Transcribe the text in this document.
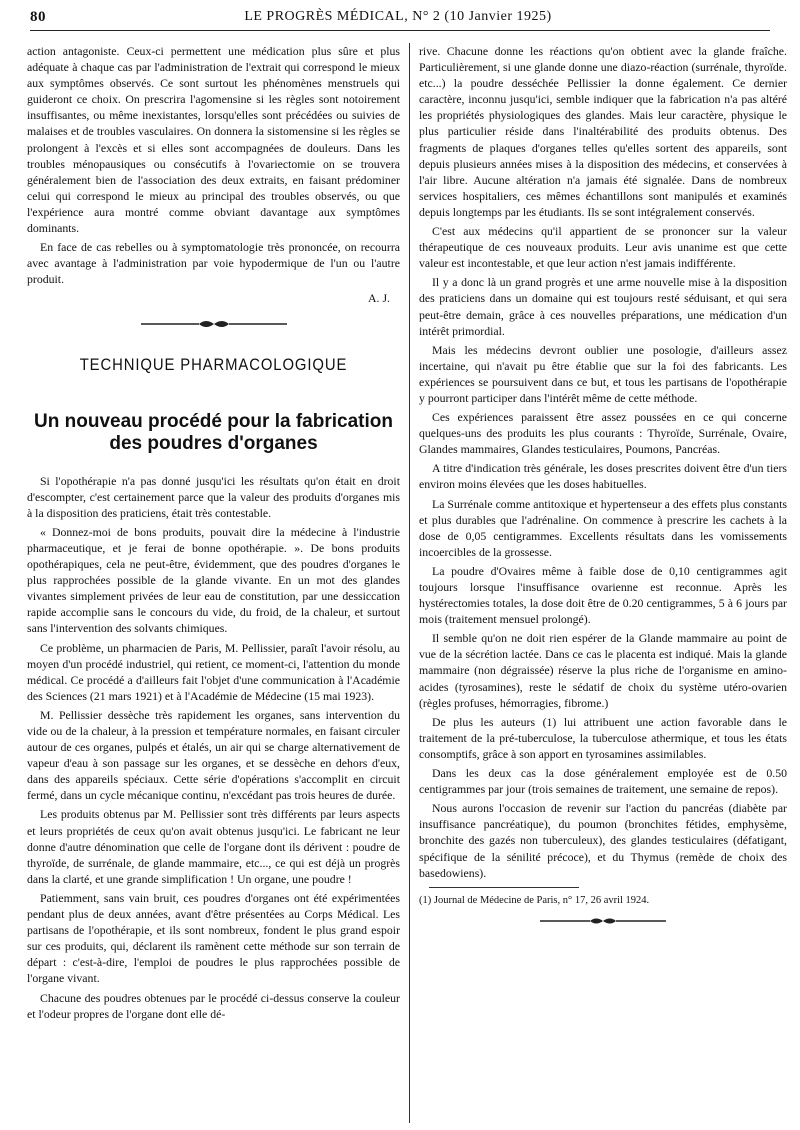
80	LE PROGRÈS MÉDICAL, N° 2 (10 Janvier 1925)

action antagoniste. Ceux-ci permettent une médication plus sûre et plus adéquate à chaque cas par l'administration de l'extrait qui correspond le mieux aux symptômes observés. Ce sont surtout les phénomènes menstruels qui guideront ce choix. On prescrira l'agomensine si les règles sont notoirement insuffisantes, ou même inexistantes, lorsqu'elles sont précédées ou suivies de malaises et de troubles vasculaires. On donnera la sistomensine si les règles se prolongent à l'excès et si elles sont accompagnées de douleurs. Dans les troubles ménopausiques ou consécutifs à l'ovariectomie on se trouvera généralement bien de l'association des deux extraits, en faisant prédominer celui qui correspond le mieux au principal des troubles observés, ou que l'expérience aura montré comme obviant davantage aux symptômes dominants.

En face de cas rebelles ou à symptomatologie très prononcée, on recourra avec avantage à l'administration par voie hypodermique de l'un ou l'autre produit.

A. J.
TECHNIQUE PHARMACOLOGIQUE
Un nouveau procédé pour la fabrication des poudres d'organes

Si l'opothérapie n'a pas donné jusqu'ici les résultats qu'on était en droit d'escompter, c'est certainement parce que la valeur des produits d'organes mis à la disposition des praticiens, était très contestable.

« Donnez-moi de bons produits, pouvait dire la médecine à l'industrie pharmaceutique, et je ferai de bonne opothérapie. ». De bons produits opothérapiques, cela ne peut-être, évidemment, que des poudres d'organes le plus rapprochées possible de la glande vivante. En un mot des glandes vivantes simplement privées de leur eau de constitution, par une dessiccation rapide accomplie sans le concours du vide, du froid, de la chaleur, et surtout sans l'intervention des solvants chimiques.

Ce problème, un pharmacien de Paris, M. Pellissier, paraît l'avoir résolu, au moyen d'un procédé industriel, qui retient, ce moment-ci, l'attention du monde médical. Ce procédé a d'ailleurs fait l'objet d'une communication à l'Académie des Sciences (21 mars 1921) et à l'Académie de Médecine (15 mai 1923).

M. Pellissier dessèche très rapidement les organes, sans intervention du vide ou de la chaleur, à la pression et température normales, en faisant circuler autour de ces organes, pulpés et étalés, un air qui se charge alternativement de vapeur d'eau à son passage sur les organes, et se dessèche en dehors d'eux, dans des appareils spéciaux. Cette série d'opérations s'accomplit en circuit fermé, dans un cycle mécanique continu, n'excédant pas trois heures de durée.

Les produits obtenus par M. Pellissier sont très différents par leurs aspects et leurs propriétés de ceux qu'on avait obtenus jusqu'ici. Le fabricant ne leur donne d'autre dénomination que celle de l'organe dont ils dérivent : poudre de thyroïde, de surrénale, de glande mammaire, etc..., ce qui est déjà un progrès dans la clarté, et une grande simplification ! Un organe, une poudre !

Patiemment, sans vain bruit, ces poudres d'organes ont été expérimentées pendant plus de deux années, avant d'être présentées au Corps Médical. Les partisans de l'opothérapie, et ils sont nombreux, fondent le plus grand espoir sur ces produits, qui, déclarent ils ramènent cette méthode sur son terrain de départ : c'est-à-dire, l'emploi de poudres le plus rapprochées possible de l'organe vivant.

Chacune des poudres obtenues par le procédé ci-dessus conserve la couleur et l'odeur propres de l'organe dont elle dé-

rive. Chacune donne les réactions qu'on obtient avec la glande fraîche. Particulièrement, si une glande donne une diazo-réaction (surrénale, thyroïde. etc...) la poudre desséchée Pellissier la donne également. Ce dernier caractère, inconnu jusqu'ici, semble indiquer que la fabrication n'a pas altéré les propriétés physiologiques des glandes. Mais leur caractère, physique le plus particulier réside dans l'inaltérabilité des produits obtenus. Des fragments de plaques d'organes telles qu'elles sortent des appareils, sont depuis plusieurs années mises à la disposition des médecins, et conservées à l'air libre. Aucune altération n'a jamais été signalée. Dans de nombreux services hospitaliers, ces mêmes échantillons sont manipulés et examinés depuis longtemps par les étudiants. Ils se sont intégralement conservés.

C'est aux médecins qu'il appartient de se prononcer sur la valeur thérapeutique de ces nouveaux produits. Leur avis unanime est que cette valeur est incontestable, et que leur action n'est jamais indifférente.

Il y a donc là un grand progrès et une arme nouvelle mise à la disposition des praticiens dans un domaine qui est toujours resté séduisant, et qui sera peut-être demain, grâce à ces nouvelles préparations, une médication d'un intérêt primordial.

Mais les médecins devront oublier une posologie, d'ailleurs assez incertaine, qui n'avait pu être établie que sur la foi des fabricants. Les expériences se poursuivent dans ce but, et tous les partisans de l'opothérapie y pourront participer dans l'intérêt même de cette méthode.

Ces expériences paraissent être assez poussées en ce qui concerne quelques-uns des produits les plus courants : Thyroïde, Surrénale, Ovaire, Glandes mammaires, Glandes testiculaires, Poumons, Pancréas.

A titre d'indication très générale, les doses prescrites doivent être d'un tiers environ moins élevées que les doses habituelles.

La Surrénale comme antitoxique et hypertenseur a des effets plus constants et plus durables que l'adrénaline. On commence à prescrire les cachets à la dose de 0,05 centigrammes. Excellents résultats dans les vomissements incoercibles de la grossesse.

La poudre d'Ovaires même à faible dose de 0,10 centigrammes agit toujours lorsque l'insuffisance ovarienne est reconnue. Après les hystérectomies totales, la dose doit être de 0.20 centigrammes, 5 à 6 jours par mois (traitement mensuel prolongé).

Il semble qu'on ne doit rien espérer de la Glande mammaire au point de vue de la sécrétion lactée. Dans ce cas le placenta est indiqué. Mais la glande mammaire (non dégraissée) réserve la plus riche de l'organisme en amino-acides (tyrosamines), reste le sédatif de choix du système utéro-ovarien (règles profuses, hémorragies, fibrome.)

De plus les auteurs (1) lui attribuent une action favorable dans le traitement de la pré-tuberculose, la tuberculose athermique, et tous les états consomptifs, grâce à son apport en tyrosamines assimilables.

Dans les deux cas la dose généralement employée est de 0.50 centigrammes par jour (trois semaines de traitement, une semaine de repos).

Nous aurons l'occasion de revenir sur l'action du pancréas (diabète par insuffisance pancréatique), du poumon (bronchites fétides, emphysème, bronchite des gazés non tuberculeux), des glandes testiculaires (défatigant, spécifique de la sénilité précoce), et du Thymus (remède de choix des basedowiens).

(1) Journal de Médecine de Paris, n° 17, 26 avril 1924.
